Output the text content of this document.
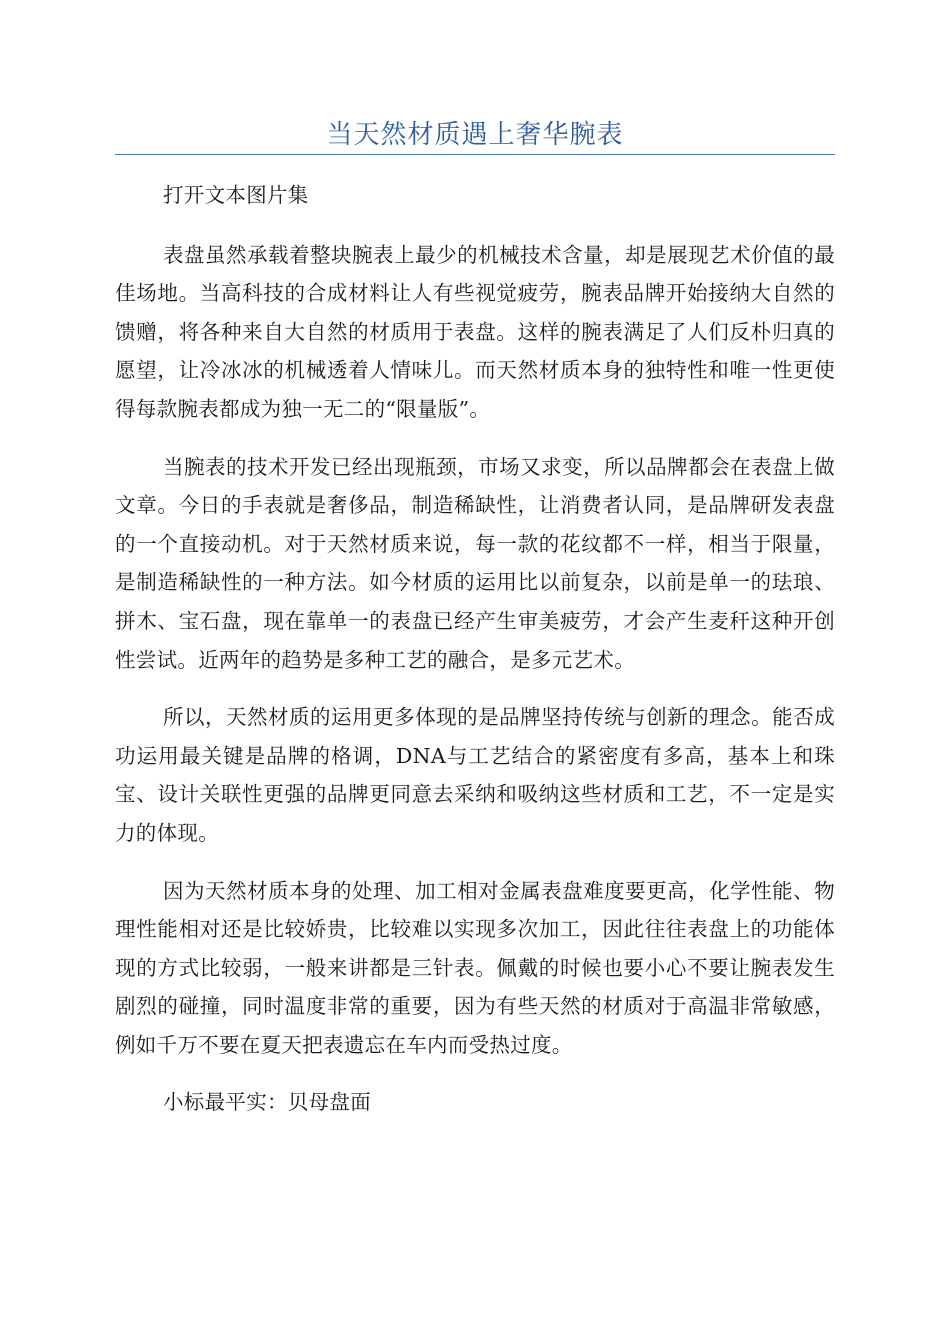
当天然材质遇上奢华腕表

打开文本图片集

表盘虽然承载着整块腕表上最少的机械技术含量，却是展现艺术价值的最佳场地。当高科技的合成材料让人有些视觉疲劳，腕表品牌开始接纳大自然的馈赠，将各种来自大自然的材质用于表盘。这样的腕表满足了人们反朴归真的愿望，让冷冰冰的机械透着人情味儿。而天然材质本身的独特性和唯一性更使得每款腕表都成为独一无二的“限量版”。

当腕表的技术开发已经出现瓶颈，市场又求变，所以品牌都会在表盘上做文章。今日的手表就是奢侈品，制造稀缺性，让消费者认同，是品牌研发表盘的一个直接动机。对于天然材质来说，每一款的花纹都不一样，相当于限量，是制造稀缺性的一种方法。如今材质的运用比以前复杂，以前是单一的珐琅、拼木、宝石盘，现在靠单一的表盘已经产生审美疲劳，才会产生麦秆这种开创性尝试。近两年的趋势是多种工艺的融合，是多元艺术。

所以，天然材质的运用更多体现的是品牌坚持传统与创新的理念。能否成功运用最关键是品牌的格调，DNA与工艺结合的紧密度有多高，基本上和珠宝、设计关联性更强的品牌更同意去采纳和吸纳这些材质和工艺，不一定是实力的体现。

因为天然材质本身的处理、加工相对金属表盘难度要更高，化学性能、物理性能相对还是比较娇贵，比较难以实现多次加工，因此往往表盘上的功能体现的方式比较弱，一般来讲都是三针表。佩戴的时候也要小心不要让腕表发生剧烈的碰撞，同时温度非常的重要，因为有些天然的材质对于高温非常敏感，例如千万不要在夏天把表遗忘在车内而受热过度。

小标最平实：贝母盘面
